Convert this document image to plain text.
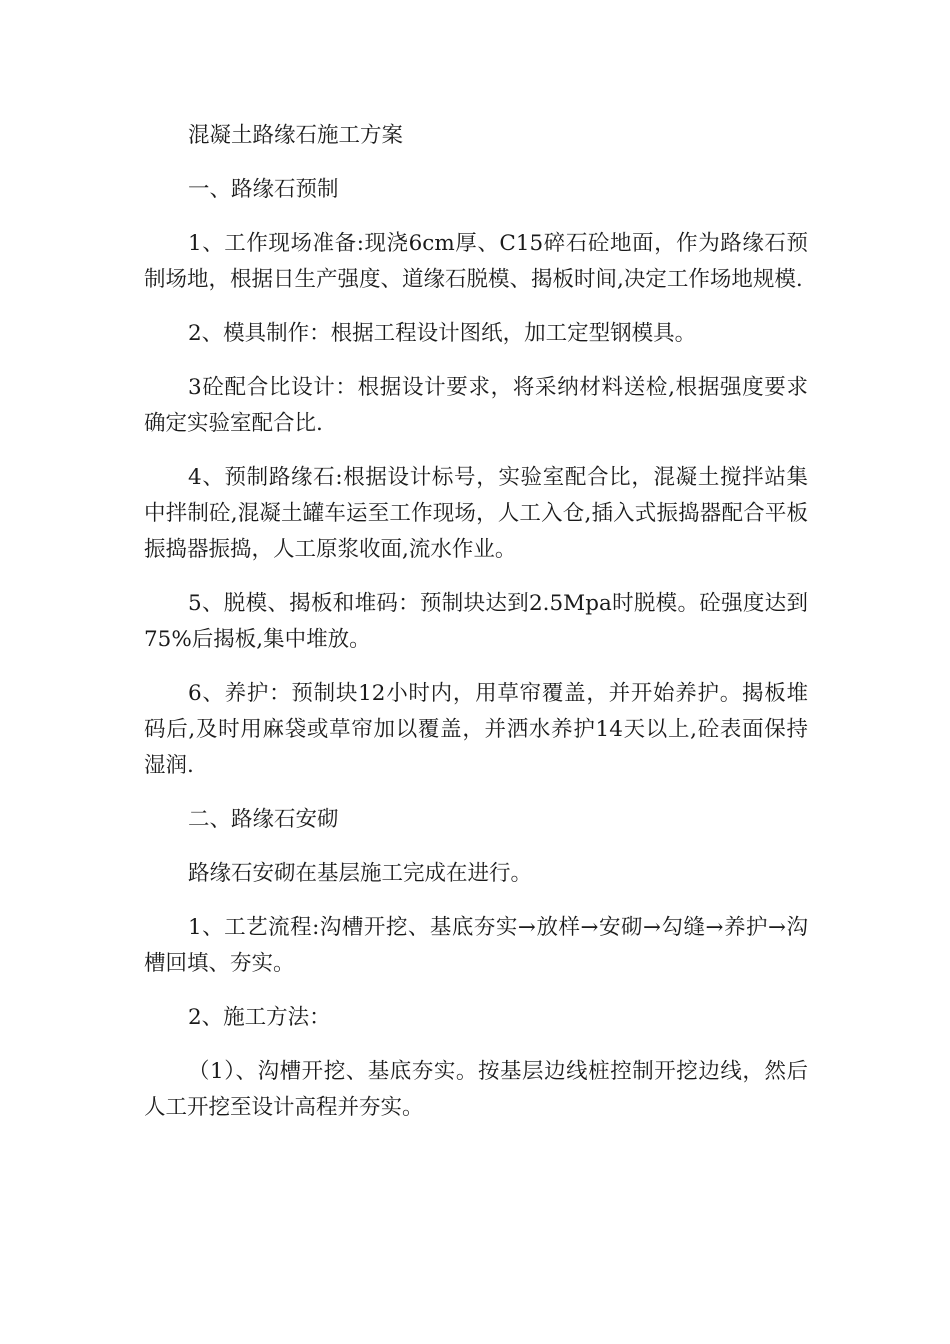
混凝土路缘石施工方案

一、路缘石预制

1、工作现场准备:现浇6cm厚、C15碎石砼地面，作为路缘石预制场地，根据日生产强度、道缘石脱模、揭板时间,决定工作场地规模.

2、模具制作：根据工程设计图纸，加工定型钢模具。

3砼配合比设计：根据设计要求，将采纳材料送检,根据强度要求确定实验室配合比.

4、预制路缘石:根据设计标号，实验室配合比，混凝土搅拌站集中拌制砼,混凝土罐车运至工作现场，人工入仓,插入式振捣器配合平板振捣器振捣，人工原浆收面,流水作业。

5、脱模、揭板和堆码：预制块达到2.5Mpa时脱模。砼强度达到75%后揭板,集中堆放。

6、养护：预制块12小时内，用草帘覆盖，并开始养护。揭板堆码后,及时用麻袋或草帘加以覆盖，并洒水养护14天以上,砼表面保持湿润.

二、路缘石安砌

路缘石安砌在基层施工完成在进行。

1、工艺流程:沟槽开挖、基底夯实→放样→安砌→勾缝→养护→沟槽回填、夯实。

2、施工方法：

（1）、沟槽开挖、基底夯实。按基层边线桩控制开挖边线，然后人工开挖至设计高程并夯实。
